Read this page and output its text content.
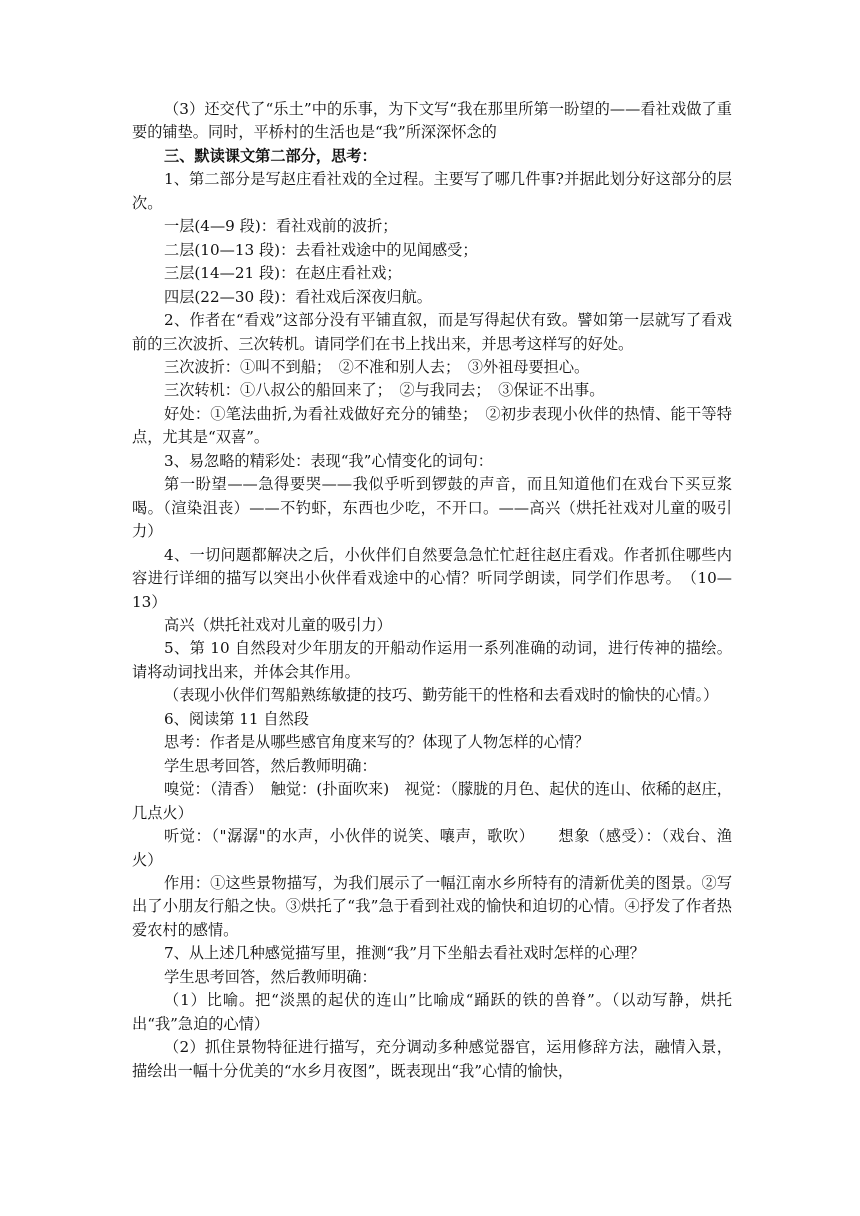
（3）还交代了“乐土”中的乐事，为下文写“我在那里所第一盼望的——看社戏做了重要的铺垫。同时，平桥村的生活也是“我”所深深怀念的

三、默读课文第二部分，思考：

1、第二部分是写赵庄看社戏的全过程。主要写了哪几件事?并据此划分好这部分的层次。

一层(4—9 段)：看社戏前的波折；

二层(10—13 段)：去看社戏途中的见闻感受；

三层(14—21 段)：在赵庄看社戏；

四层(22—30 段)：看社戏后深夜归航。

2、作者在“看戏”这部分没有平铺直叙，而是写得起伏有致。譬如第一层就写了看戏前的三次波折、三次转机。请同学们在书上找出来，并思考这样写的好处。

三次波折：①叫不到船；　②不准和别人去；　③外祖母要担心。

三次转机：①八叔公的船回来了；　②与我同去；　③保证不出事。

好处：①笔法曲折,为看社戏做好充分的铺垫；　②初步表现小伙伴的热情、能干等特点，尤其是“双喜”。

3、易忽略的精彩处：表现“我”心情变化的词句：

第一盼望——急得要哭——我似乎听到锣鼓的声音，而且知道他们在戏台下买豆浆喝。（渲染沮丧）——不钓虾，东西也少吃，不开口。——高兴（烘托社戏对儿童的吸引力）

4、一切问题都解决之后，小伙伴们自然要急急忙忙赶往赵庄看戏。作者抓住哪些内容进行详细的描写以突出小伙伴看戏途中的心情？听同学朗读，同学们作思考。　（10—13）

高兴（烘托社戏对儿童的吸引力）

5、第 10 自然段对少年朋友的开船动作运用一系列准确的动词，进行传神的描绘。请将动词找出来，并体会其作用。

（表现小伙伴们驾船熟练敏捷的技巧、勤劳能干的性格和去看戏时的愉快的心情。）

6、阅读第 11 自然段

思考：作者是从哪些感官角度来写的？体现了人物怎样的心情？

学生思考回答，然后教师明确：

嗅觉：（清香）　触觉：(扑面吹来)　视觉：（朦胧的月色、起伏的连山、依稀的赵庄，几点火）

听觉：（"潺潺"的水声，小伙伴的说笑、嚷声，歌吹）　　想象（感受）：（戏台、渔火）

作用：①这些景物描写，为我们展示了一幅江南水乡所特有的清新优美的图景。②写出了小朋友行船之快。③烘托了“我”急于看到社戏的愉快和迫切的心情。④抒发了作者热爱农村的感情。

7、从上述几种感觉描写里，推测“我”月下坐船去看社戏时怎样的心理？

学生思考回答，然后教师明确：

（1）比喻。把“淡黑的起伏的连山”比喻成“踊跃的铁的兽脊”。（以动写静，烘托出“我”急迫的心情）

（2）抓住景物特征进行描写，充分调动多种感觉器官，运用修辞方法，融情入景，描绘出一幅十分优美的“水乡月夜图”，既表现出“我”心情的愉快，
